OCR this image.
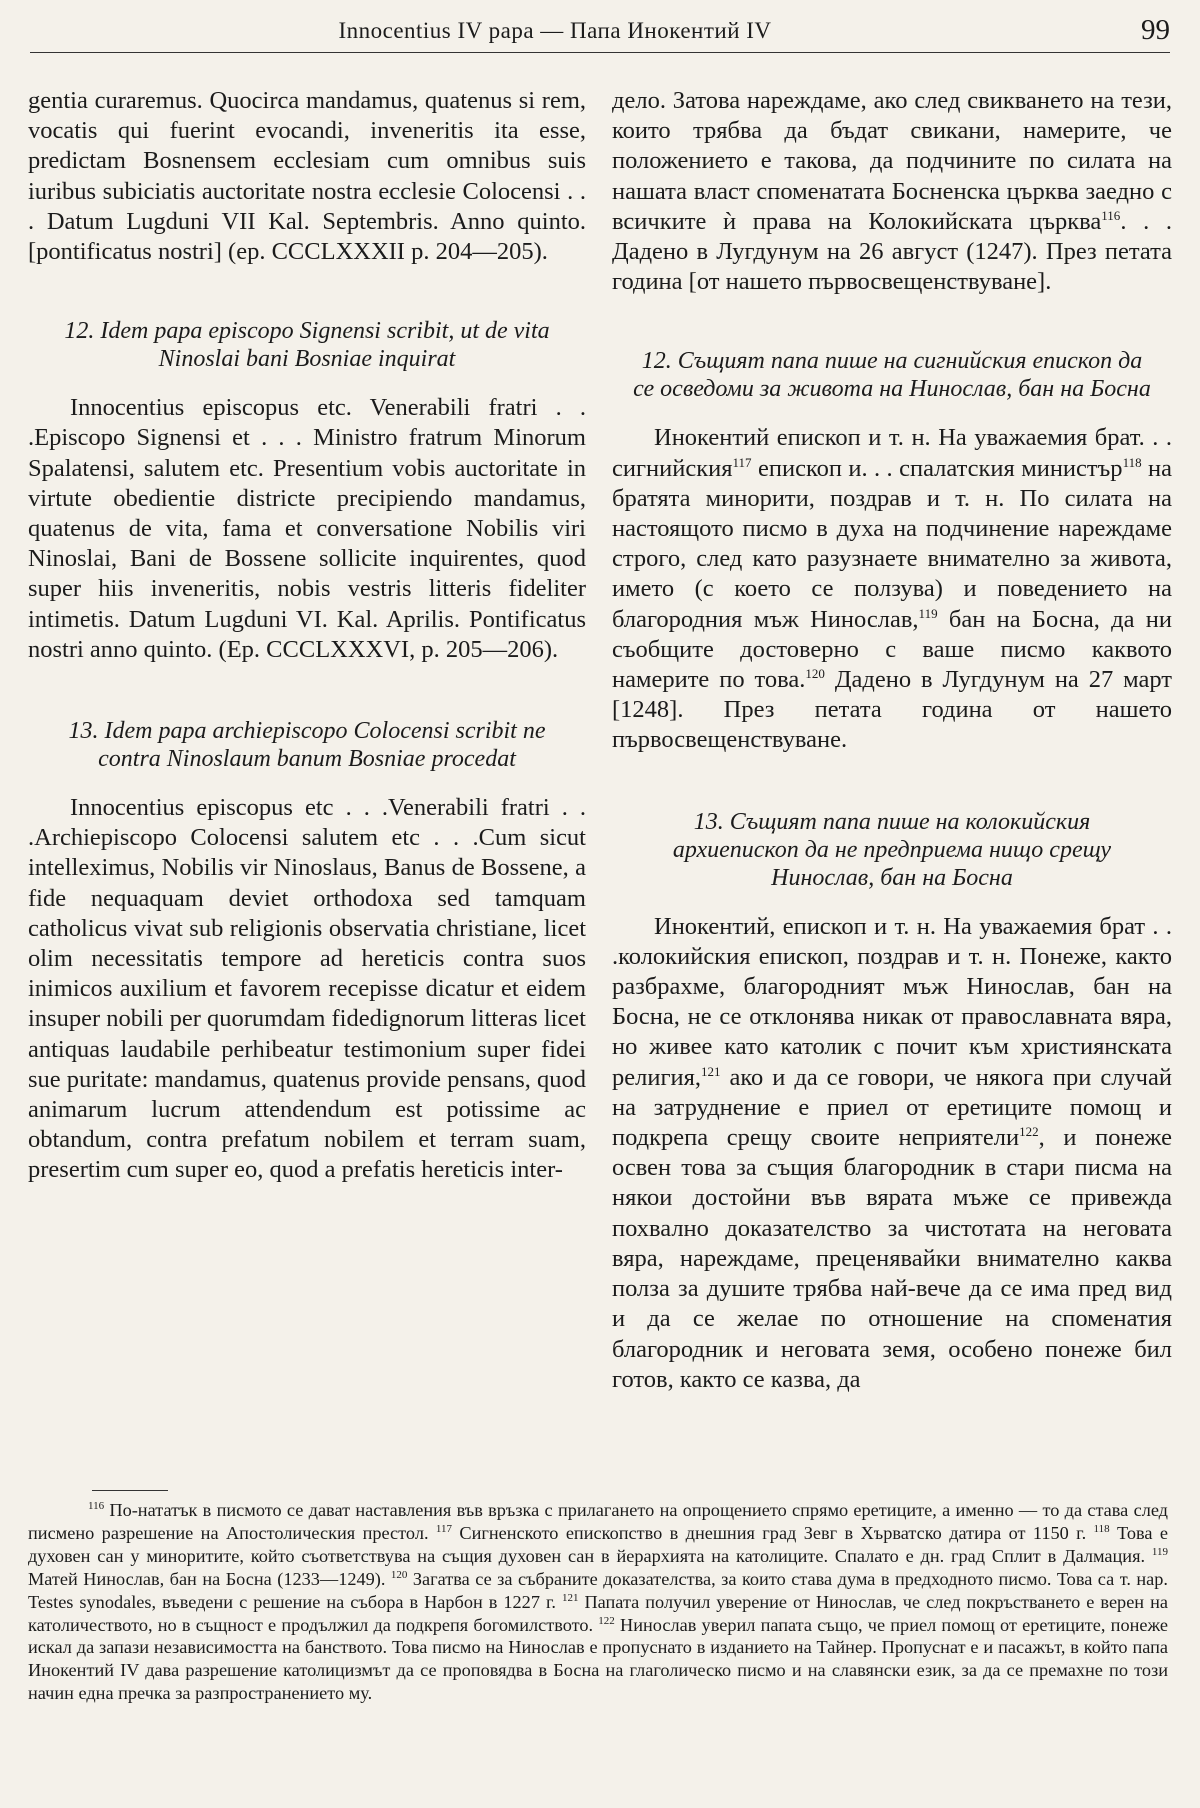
Innocentius IV papa — Папа Инокентий IV	99

gentia curaremus. Quocirca mandamus, quatenus si rem, vocatis qui fuerint evocandi, inveneritis ita esse, predictam Bosnensem ecclesiam cum omnibus suis iuribus subiciatis auctoritate nostra ecclesie Colocensi . . . Datum Lugduni VII Kal. Septembris. Anno quinto. [pontificatus nostri] (ep. CCCLXXXII p. 204—205).

12. Idem papa episcopo Signensi scribit, ut de vita Ninoslai bani Bosniae inquirat

Innocentius episcopus etc. Venerabili fratri . . .Episcopo Signensi et . . . Ministro fratrum Minorum Spalatensi, salutem etc. Presentium vobis auctoritate in virtute obedientie districte precipiendo mandamus, quatenus de vita, fama et conversatione Nobilis viri Ninoslai, Bani de Bossene sollicite inquirentes, quod super hiis inveneritis, nobis vestris litteris fideliter intimetis. Datum Lugduni VI. Kal. Aprilis. Pontificatus nostri anno quinto. (Ep. CCCLXXXVI, p. 205—206).

13. Idem papa archiepiscopo Colocensi scribit ne contra Ninoslaum banum Bosniae procedat

Innocentius episcopus etc . . .Venerabili fratri . . .Archiepiscopo Colocensi salutem etc . . .Cum sicut intelleximus, Nobilis vir Ninoslaus, Banus de Bossene, a fide nequaquam deviet orthodoxa sed tamquam catholicus vivat sub religionis observatia christiane, licet olim necessitatis tempore ad hereticis contra suos inimicos auxilium et favorem recepisse dicatur et eidem insuper nobili per quorumdam fidedignorum litteras licet antiquas laudabile perhibeatur testimonium super fidei sue puritate: mandamus, quatenus provide pensans, quod animarum lucrum attendendum est potissime ac obtandum, contra prefatum nobilem et terram suam, presertim cum super eo, quod a prefatis hereticis inter-

дело. Затова нареждаме, ако след свикването на тези, които трябва да бъдат свикани, намерите, че положението е такова, да подчините по силата на нашата власт споменатата Босненска църква заедно с всичките ѝ права на Колокийската църква$^{116}$. . . Дадено в Лугдунум на 26 август (1247). През петата година [от нашето първосвещенствуване].

12. Същият папа пише на сигнийския епископ да се осведоми за живота на Нинослав, бан на Босна

Инокентий епископ и т. н. На уважаемия брат. . . сигнийския$^{117}$ епископ и. . . спалатския министър$^{118}$ на братята минорити, поздрав и т. н. По силата на настоящото писмо в духа на подчинение нареждаме строго, след като разузнаете внимателно за живота, името (с което се ползува) и поведението на благородния мъж Нинослав,$^{119}$ бан на Босна, да ни съобщите достоверно с ваше писмо каквото намерите по това.$^{120}$ Дадено в Лугдунум на 27 март [1248]. През петата година от нашето първосвещенствуване.

13. Същият папа пише на колокийския архиепископ да не предприема нищо срещу Нинослав, бан на Босна

Инокентий, епископ и т. н. На уважаемия брат . . .колокийския епископ, поздрав и т. н. Понеже, както разбрахме, благородният мъж Нинослав, бан на Босна, не се отклонява никак от православната вяра, но живее като католик с почит към християнската религия,$^{121}$ ако и да се говори, че някога при случай на затруднение е приел от еретиците помощ и подкрепа срещу своите неприятели$^{122}$, и понеже освен това за същия благородник в стари писма на някои достойни във вярата мъже се привежда похвално доказателство за чистотата на неговата вяра, нареждаме, преценявайки внимателно каква полза за душите трябва най-вече да се има пред вид и да се желае по отношение на споменатия благородник и неговата земя, особено понеже бил готов, както се казва, да

$^{116}$ По-нататък в писмото се дават наставления във връзка с прилагането на опрощението спрямо еретиците, а именно — то да става след писмено разрешение на Апостолическия престол. $^{117}$ Сигненското епископство в днешния град Зевг в Хърватско датира от 1150 г. $^{118}$ Това е духовен сан у миноритите, който съответствува на същия духовен сан в йерархията на католиците. Спалато е дн. град Сплит в Далмация. $^{119}$ Матей Нинослав, бан на Босна (1233—1249). $^{120}$ Загатва се за събраните доказателства, за които става дума в предходното писмо. Това са т. нар. Testes synodales, въведени с решение на събора в Нарбон в 1227 г. $^{121}$ Папата получил уверение от Нинослав, че след покръстването е верен на католичеството, но в същност е продължил да подкрепя богомилството. $^{122}$ Нинослав уверил папата също, че приел помощ от еретиците, понеже искал да запази независимостта на банството. Това писмо на Нинослав е пропуснато в изданието на Тайнер. Пропуснат е и пасажът, в който папа Инокентий IV дава разрешение католицизмът да се проповядва в Босна на глаголическо писмо и на славянски език, за да се премахне по този начин една пречка за разпространението му.
